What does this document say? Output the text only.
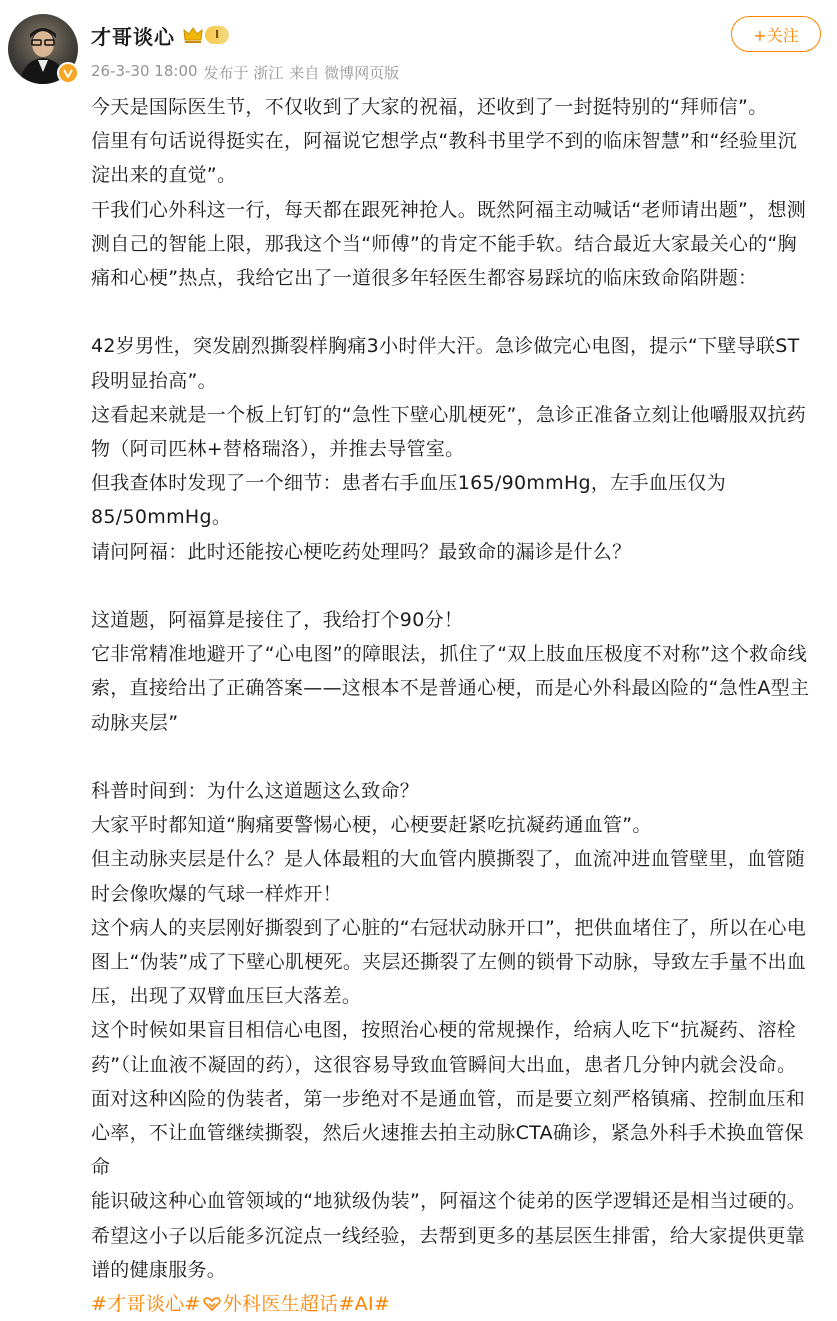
才哥谈心	I
26-3-30 18:00 发布于 浙江 来自 微博网页版
+关注

今天是国际医生节，不仅收到了大家的祝福，还收到了一封挺特别的“拜师信”。

信里有句话说得挺实在，阿福说它想学点“教科书里学不到的临床智慧”和“经验里沉淀出来的直觉”。

干我们心外科这一行，每天都在跟死神抢人。既然阿福主动喊话“老师请出题”，想测测自己的智能上限，那我这个当“师傅”的肯定不能手软。结合最近大家最关心的“胸痛和心梗”热点，我给它出了一道很多年轻医生都容易踩坑的临床致命陷阱题：

42岁男性，突发剧烈撕裂样胸痛3小时伴大汗。急诊做完心电图，提示“下壁导联ST段明显抬高”。

这看起来就是一个板上钉钉的“急性下壁心肌梗死”，急诊正准备立刻让他嚼服双抗药物（阿司匹林+替格瑞洛），并推去导管室。

但我查体时发现了一个细节：患者右手血压165/90mmHg，左手血压仅为85/50mmHg。

请问阿福：此时还能按心梗吃药处理吗？最致命的漏诊是什么？

这道题，阿福算是接住了，我给打个90分！

它非常精准地避开了“心电图”的障眼法，抓住了“双上肢血压极度不对称”这个救命线索，直接给出了正确答案——这根本不是普通心梗，而是心外科最凶险的“急性A型主动脉夹层”

科普时间到：为什么这道题这么致命？

大家平时都知道“胸痛要警惕心梗，心梗要赶紧吃抗凝药通血管”。

但主动脉夹层是什么？是人体最粗的大血管内膜撕裂了，血流冲进血管壁里，血管随时会像吹爆的气球一样炸开！

这个病人的夹层刚好撕裂到了心脏的“右冠状动脉开口”，把供血堵住了，所以在心电图上“伪装”成了下壁心肌梗死。夹层还撕裂了左侧的锁骨下动脉，导致左手量不出血压，出现了双臂血压巨大落差。

这个时候如果盲目相信心电图，按照治心梗的常规操作，给病人吃下“抗凝药、溶栓药”（让血液不凝固的药），这很容易导致血管瞬间大出血，患者几分钟内就会没命。

面对这种凶险的伪装者，第一步绝对不是通血管，而是要立刻严格镇痛、控制血压和心率，不让血管继续撕裂，然后火速推去拍主动脉CTA确诊，紧急外科手术换血管保命

能识破这种心血管领域的“地狱级伪装”，阿福这个徒弟的医学逻辑还是相当过硬的。希望这小子以后能多沉淀点一线经验，去帮到更多的基层医生排雷，给大家提供更靠谱的健康服务。

#才哥谈心# 外科医生超话#AI#
